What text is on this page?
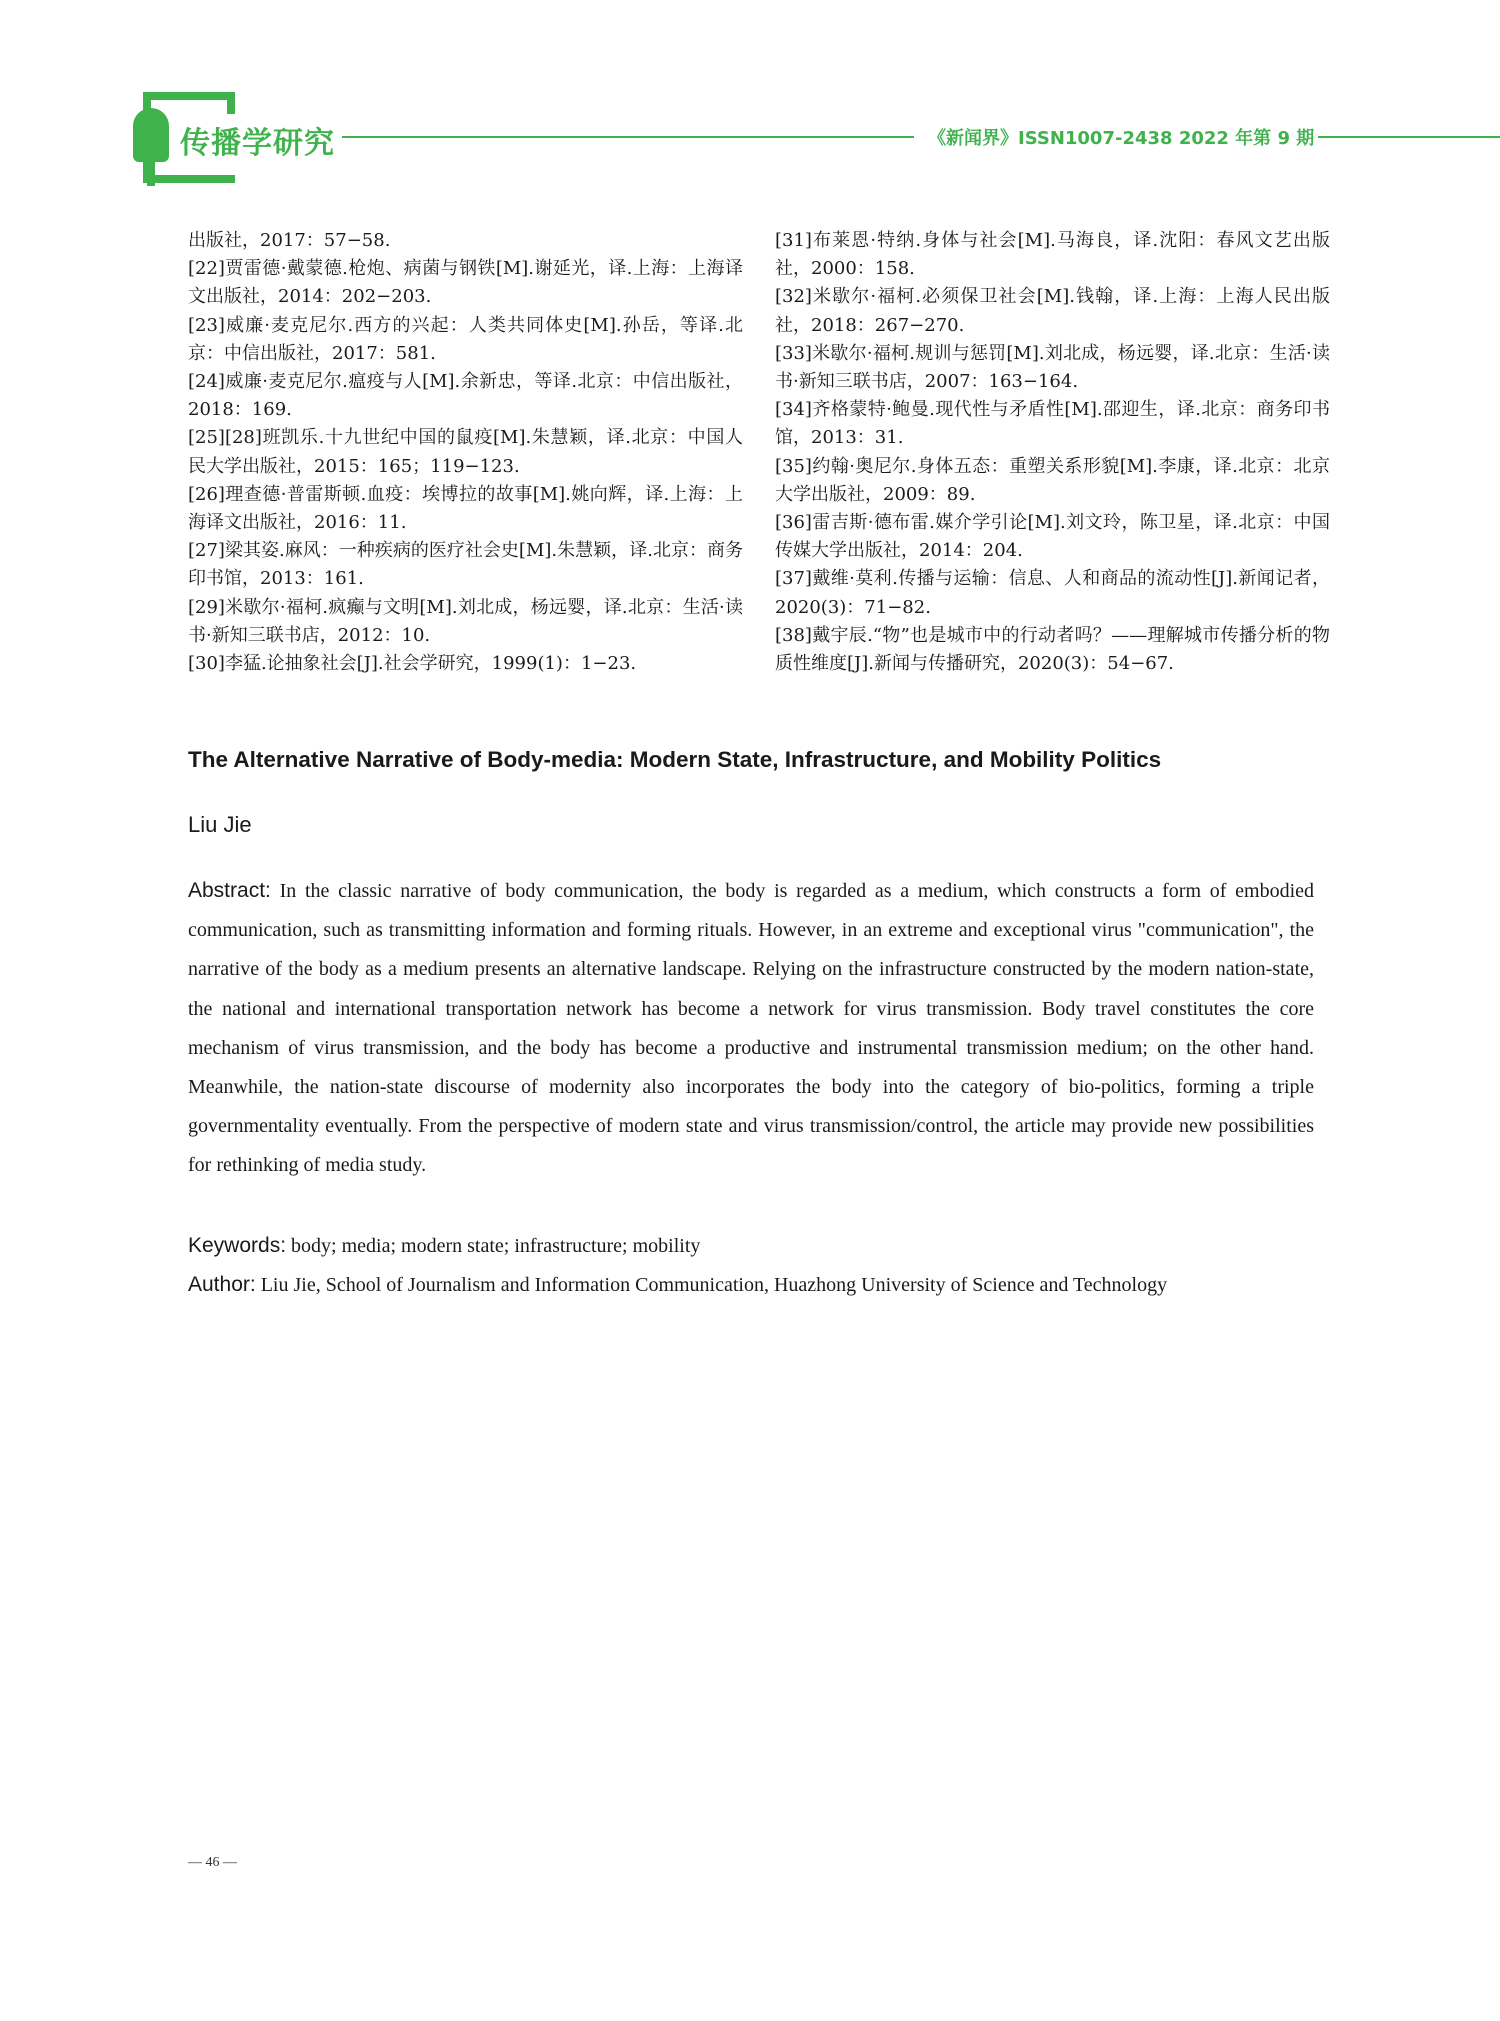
传播学研究	《新闻界》ISSN1007-2438 2022 年第 9 期

出版社，2017：57−58.

[22]贾雷德·戴蒙德.枪炮、病菌与钢铁[M].谢延光，译.上海：上海译文出版社，2014：202−203.

[23]威廉·麦克尼尔.西方的兴起：人类共同体史[M].孙岳，等译.北京：中信出版社，2017：581.

[24]威廉·麦克尼尔.瘟疫与人[M].余新忠，等译.北京：中信出版社，2018：169.

[25][28]班凯乐.十九世纪中国的鼠疫[M].朱慧颖，译.北京：中国人民大学出版社，2015：165；119−123.

[26]理查德·普雷斯顿.血疫：埃博拉的故事[M].姚向辉，译.上海：上海译文出版社，2016：11.

[27]梁其姿.麻风：一种疾病的医疗社会史[M].朱慧颖，译.北京：商务印书馆，2013：161.

[29]米歇尔·福柯.疯癫与文明[M].刘北成，杨远婴，译.北京：生活·读书·新知三联书店，2012：10.

[30]李猛.论抽象社会[J].社会学研究，1999(1)：1−23.

[31]布莱恩·特纳.身体与社会[M].马海良，译.沈阳：春风文艺出版社，2000：158.

[32]米歇尔·福柯.必须保卫社会[M].钱翰，译.上海：上海人民出版社，2018：267−270.

[33]米歇尔·福柯.规训与惩罚[M].刘北成，杨远婴，译.北京：生活·读书·新知三联书店，2007：163−164.

[34]齐格蒙特·鲍曼.现代性与矛盾性[M].邵迎生，译.北京：商务印书馆，2013：31.

[35]约翰·奥尼尔.身体五态：重塑关系形貌[M].李康，译.北京：北京大学出版社，2009：89.

[36]雷吉斯·德布雷.媒介学引论[M].刘文玲，陈卫星，译.北京：中国传媒大学出版社，2014：204.

[37]戴维·莫利.传播与运输：信息、人和商品的流动性[J].新闻记者，2020(3)：71−82.

[38]戴宇辰.“物”也是城市中的行动者吗？——理解城市传播分析的物质性维度[J].新闻与传播研究，2020(3)：54−67.

The Alternative Narrative of Body-media: Modern State, Infrastructure, and Mobility Politics
Liu Jie

Abstract: In the classic narrative of body communication, the body is regarded as a medium, which constructs a form of embodied communication, such as transmitting information and forming rituals. However, in an extreme and exceptional virus "communication", the narrative of the body as a medium presents an alternative landscape. Relying on the infrastructure constructed by the modern nation-state, the national and international transportation network has become a network for virus transmission. Body travel constitutes the core mechanism of virus transmission, and the body has become a productive and instrumental transmission medium; on the other hand. Meanwhile, the nation-state discourse of modernity also incorporates the body into the category of bio-politics, forming a triple governmentality eventually. From the perspective of modern state and virus transmission/control, the article may provide new possibilities for rethinking of media study.

Keywords: body; media; modern state; infrastructure; mobility

Author: Liu Jie, School of Journalism and Information Communication, Huazhong University of Science and Technology

— 46 —
